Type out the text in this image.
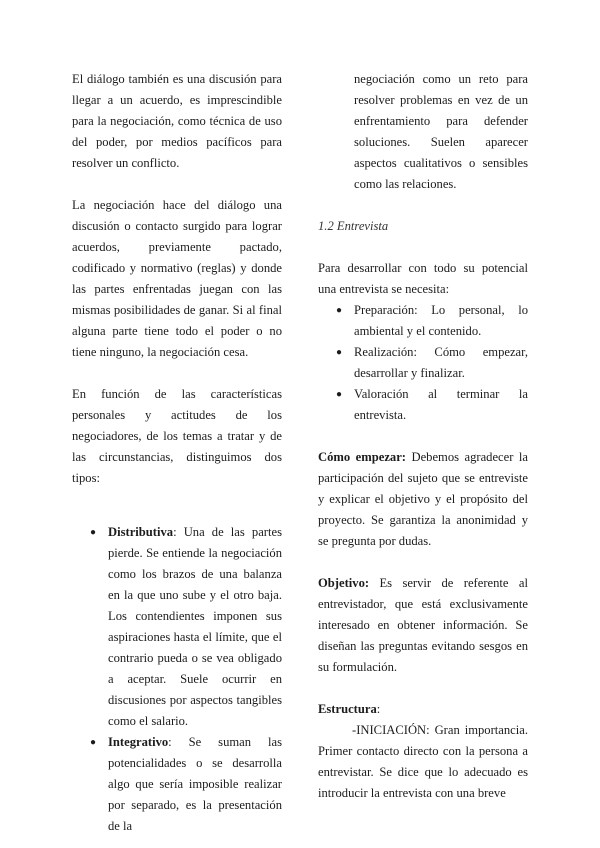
El diálogo también es una discusión para llegar a un acuerdo, es imprescindible para la negociación, como técnica de uso del poder, por medios pacíficos para resolver un conflicto.

La negociación hace del diálogo una discusión o contacto surgido para lograr acuerdos, previamente pactado, codificado y normativo (reglas) y donde las partes enfrentadas juegan con las mismas posibilidades de ganar. Si al final alguna parte tiene todo el poder o no tiene ninguno, la negociación cesa.

En función de las características personales y actitudes de los negociadores, de los temas a tratar y de las circunstancias, distinguimos dos tipos:

● Distributiva: Una de las partes pierde. Se entiende la negociación como los brazos de una balanza en la que uno sube y el otro baja. Los contendientes imponen sus aspiraciones hasta el límite, que el contrario pueda o se vea obligado a aceptar. Suele ocurrir en discusiones por aspectos tangibles como el salario.
● Integrativo: Se suman las potencialidades o se desarrolla algo que sería imposible realizar por separado, es la presentación de la

negociación como un reto para resolver problemas en vez de un enfrentamiento para defender soluciones. Suelen aparecer aspectos cualitativos o sensibles como las relaciones.

1.2 Entrevista

Para desarrollar con todo su potencial una entrevista se necesita:

● Preparación: Lo personal, lo ambiental y el contenido.
● Realización: Cómo empezar, desarrollar y finalizar.
● Valoración al terminar la entrevista.

Cómo empezar: Debemos agradecer la participación del sujeto que se entreviste y explicar el objetivo y el propósito del proyecto. Se garantiza la anonimidad y se pregunta por dudas.

Objetivo: Es servir de referente al entrevistador, que está exclusivamente interesado en obtener información. Se diseñan las preguntas evitando sesgos en su formulación.

Estructura:

-INICIACIÓN: Gran importancia. Primer contacto directo con la persona a entrevistar. Se dice que lo adecuado es introducir la entrevista con una breve
